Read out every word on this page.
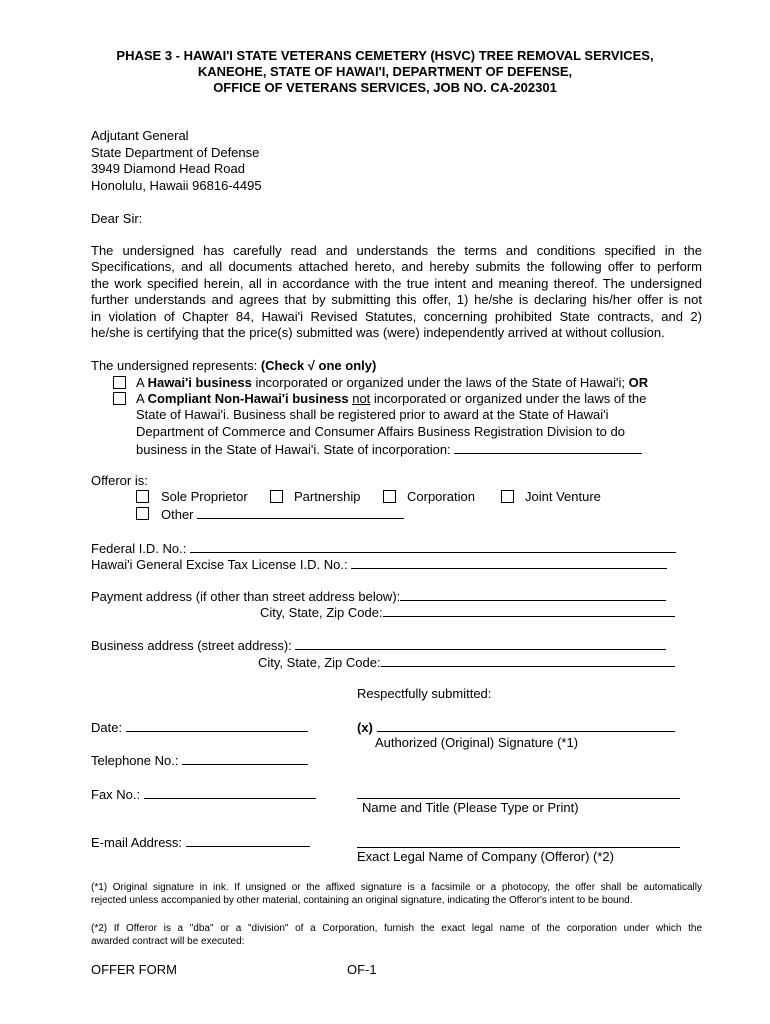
PHASE 3 - HAWAI'I STATE VETERANS CEMETERY (HSVC) TREE REMOVAL SERVICES,
KANEOHE, STATE OF HAWAI'I, DEPARTMENT OF DEFENSE,
OFFICE OF VETERANS SERVICES, JOB NO. CA-202301
Adjutant General
State Department of Defense
3949 Diamond Head Road
Honolulu, Hawaii 96816-4495
Dear Sir:
The undersigned has carefully read and understands the terms and conditions specified in the
Specifications, and all documents attached hereto, and hereby submits the following offer to perform
the work specified herein, all in accordance with the true intent and meaning thereof. The undersigned
further understands and agrees that by submitting this offer, 1) he/she is declaring his/her offer is not
in violation of Chapter 84, Hawai'i Revised Statutes, concerning prohibited State contracts, and 2)
he/she is certifying that the price(s) submitted was (were) independently arrived at without collusion.
The undersigned represents: (Check √ one only)
A Hawai'i business incorporated or organized under the laws of the State of Hawai'i; OR
A Compliant Non-Hawai'i business not incorporated or organized under the laws of the
State of Hawai'i. Business shall be registered prior to award at the State of Hawai'i
Department of Commerce and Consumer Affairs Business Registration Division to do
business in the State of Hawai'i. State of incorporation:
Offeror is:
Sole Proprietor	Partnership	Corporation	Joint Venture
Other
Federal I.D. No.:
Hawai'i General Excise Tax License I.D. No.:
Payment address (if other than street address below):
City, State, Zip Code:
Business address (street address):
City, State, Zip Code:
Respectfully submitted:
Date:	(x)
Authorized (Original) Signature (*1)
Telephone No.:
Fax No.:
Name and Title (Please Type or Print)
E-mail Address:
Exact Legal Name of Company (Offeror) (*2)
(*1) Original signature in ink. If unsigned or the affixed signature is a facsimile or a photocopy, the offer shall be automatically
rejected unless accompanied by other material, containing an original signature, indicating the Offeror's intent to be bound.
(*2) If Offeror is a "dba" or a "division" of a Corporation, furnish the exact legal name of the corporation under which the
awarded contract will be executed:
OFFER FORM	OF-1
